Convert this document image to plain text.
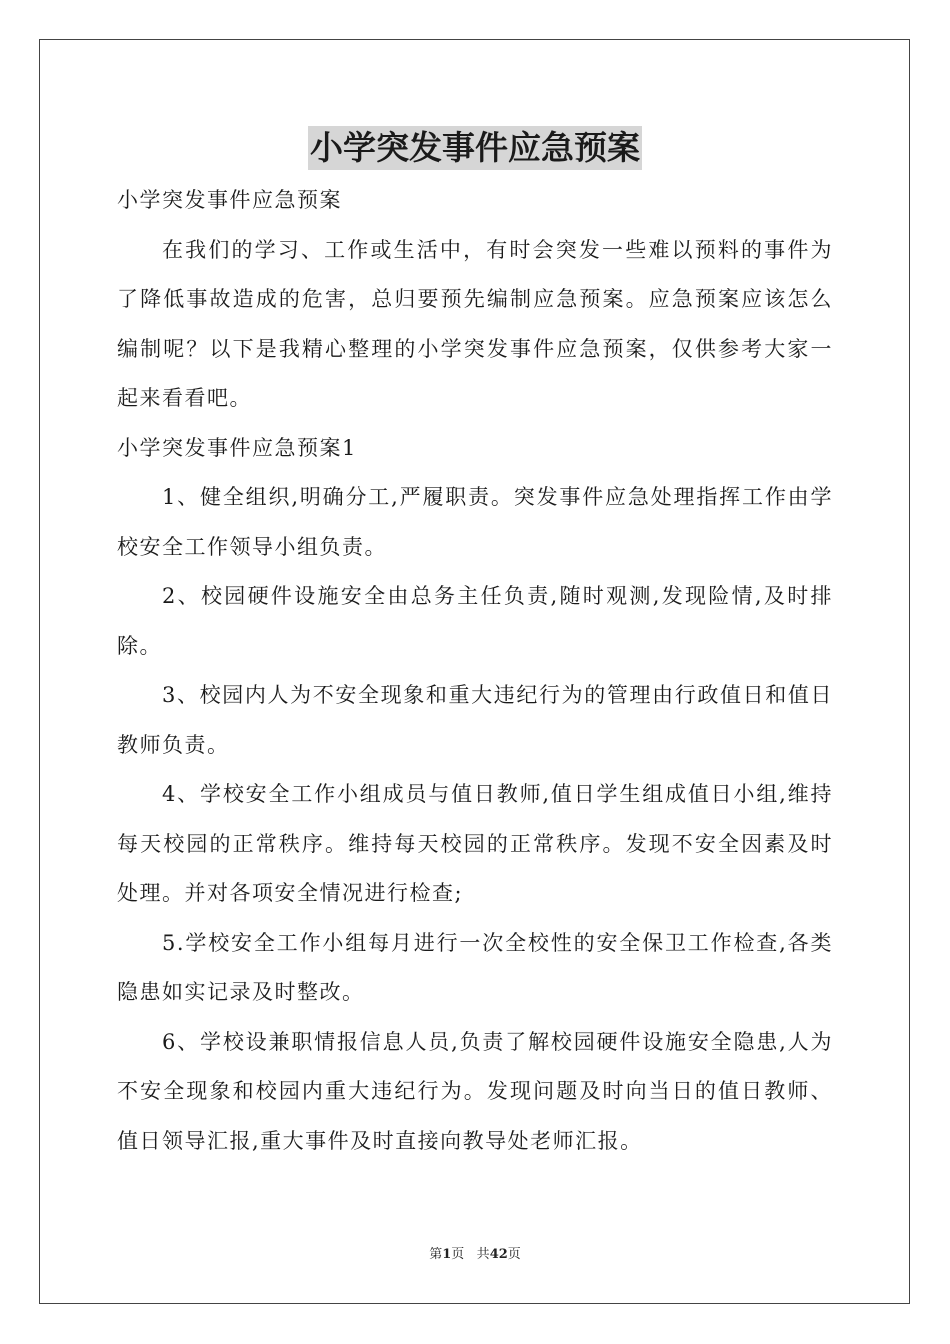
小学突发事件应急预案

小学突发事件应急预案

在我们的学习、工作或生活中，有时会突发一些难以预料的事件为了降低事故造成的危害，总归要预先编制应急预案。应急预案应该怎么编制呢？以下是我精心整理的小学突发事件应急预案，仅供参考大家一起来看看吧。

小学突发事件应急预案1

1、健全组织,明确分工,严履职责。突发事件应急处理指挥工作由学校安全工作领导小组负责。

2、校园硬件设施安全由总务主任负责,随时观测,发现险情,及时排除。

3、校园内人为不安全现象和重大违纪行为的管理由行政值日和值日教师负责。

4、学校安全工作小组成员与值日教师,值日学生组成值日小组,维持每天校园的正常秩序。维持每天校园的正常秩序。发现不安全因素及时处理。并对各项安全情况进行检查;

5.学校安全工作小组每月进行一次全校性的安全保卫工作检查,各类隐患如实记录及时整改。

6、学校设兼职情报信息人员,负责了解校园硬件设施安全隐患,人为不安全现象和校园内重大违纪行为。发现问题及时向当日的值日教师、值日领导汇报,重大事件及时直接向教导处老师汇报。

第1页 共42页
